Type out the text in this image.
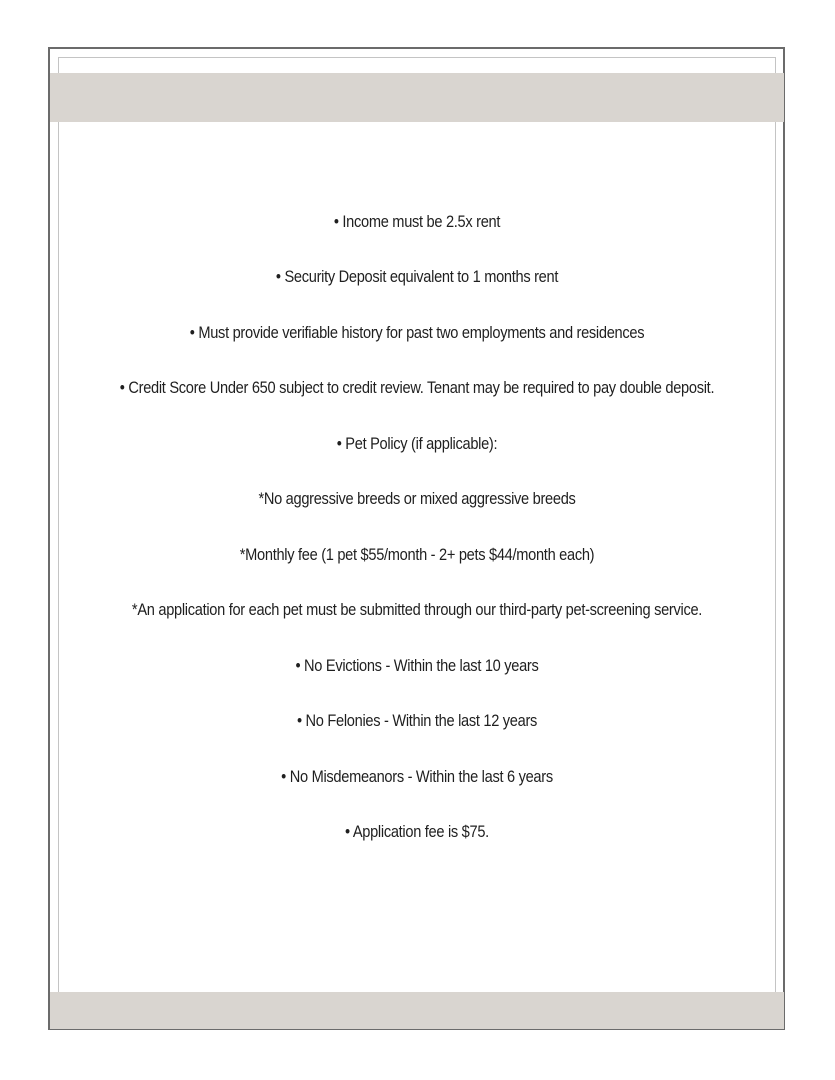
• Income must be 2.5x rent
• Security Deposit equivalent to 1 months rent
• Must provide verifiable history for past two employments and residences
• Credit Score Under 650 subject to credit review. Tenant may be required to pay double deposit.
• Pet Policy (if applicable):
*No aggressive breeds or mixed aggressive breeds
*Monthly fee (1 pet $55/month - 2+ pets $44/month each)
*An application for each pet must be submitted through our third-party pet-screening service.
• No Evictions - Within the last 10 years
• No Felonies - Within the last 12 years
• No Misdemeanors - Within the last 6 years
• Application fee is $75.
